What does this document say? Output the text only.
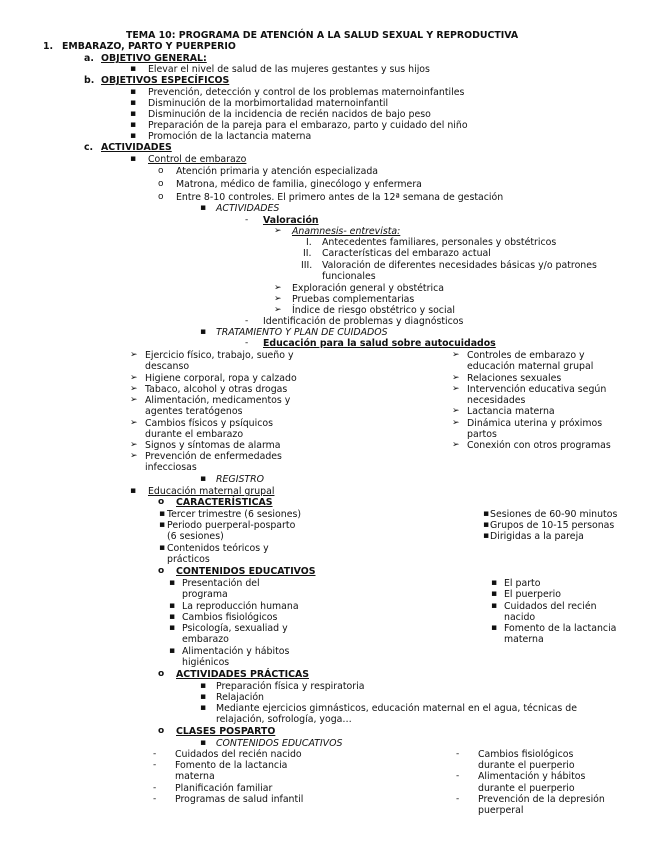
TEMA 10: PROGRAMA DE ATENCIÓN A LA SALUD SEXUAL Y REPRODUCTIVA
1. EMBARAZO, PARTO Y PUERPERIO
a. OBJETIVO GENERAL:
▪ Elevar el nivel de salud de las mujeres gestantes y sus hijos
b. OBJETIVOS ESPECÍFICOS
▪ Prevención, detección y control de los problemas maternoinfantiles
▪ Disminución de la morbimortalidad maternoinfantil
▪ Disminución de la incidencia de recién nacidos de bajo peso
▪ Preparación de la pareja para el embarazo, parto y cuidado del niño
▪ Promoción de la lactancia materna
c. ACTIVIDADES
▪ Control de embarazo
o Atención primaria y atención especializada
o Matrona, médico de familia, ginecólogo y enfermera
o Entre 8-10 controles. El primero antes de la 12ª semana de gestación
▪ ACTIVIDADES
- Valoración
➢ Anamnesis- entrevista:
I. Antecedentes familiares, personales y obstétricos
II. Características del embarazo actual
III. Valoración de diferentes necesidades básicas y/o patrones
funcionales
➢ Exploración general y obstétrica
➢ Pruebas complementarias
➢ Índice de riesgo obstétrico y social
- Identificación de problemas y diagnósticos
▪ TRATAMIENTO Y PLAN DE CUIDADOS
- Educación para la salud sobre autocuidados
➢ Ejercicio físico, trabajo, sueño y
descanso
➢ Higiene corporal, ropa y calzado
➢ Tabaco, alcohol y otras drogas
➢ Alimentación, medicamentos y
agentes teratógenos
➢ Cambios físicos y psíquicos
durante el embarazo
➢ Signos y síntomas de alarma
➢ Prevención de enfermedades
infecciosas
➢ Controles de embarazo y
educación maternal grupal
➢ Relaciones sexuales
➢ Intervención educativa según
necesidades
➢ Lactancia materna
➢ Dinámica uterina y próximos
partos
➢ Conexión con otros programas
▪ REGISTRO
▪ Educación maternal grupal
o CARACTERÍSTICAS
▪ Tercer trimestre (6 sesiones)
▪ Periodo puerperal-posparto
(6 sesiones)
▪ Contenidos teóricos y
prácticos
▪ Sesiones de 60-90 minutos
▪ Grupos de 10-15 personas
▪ Dirigidas a la pareja
o CONTENIDOS EDUCATIVOS
▪ Presentación del
programa
▪ La reproducción humana
▪ Cambios fisiológicos
▪ Psicología, sexualiad y
embarazo
▪ Alimentación y hábitos
higiénicos
▪ El parto
▪ El puerperio
▪ Cuidados del recién
nacido
▪ Fomento de la lactancia
materna
o ACTIVIDADES PRÁCTICAS
▪ Preparación física y respiratoria
▪ Relajación
▪ Mediante ejercicios gimnásticos, educación maternal en el agua, técnicas de
relajación, sofrología, yoga…
o CLASES POSPARTO
▪ CONTENIDOS EDUCATIVOS
- Cuidados del recién nacido
- Fomento de la lactancia
materna
- Planificación familiar
- Programas de salud infantil
- Cambios fisiológicos
durante el puerperio
- Alimentación y hábitos
durante el puerperio
- Prevención de la depresión
puerperal
